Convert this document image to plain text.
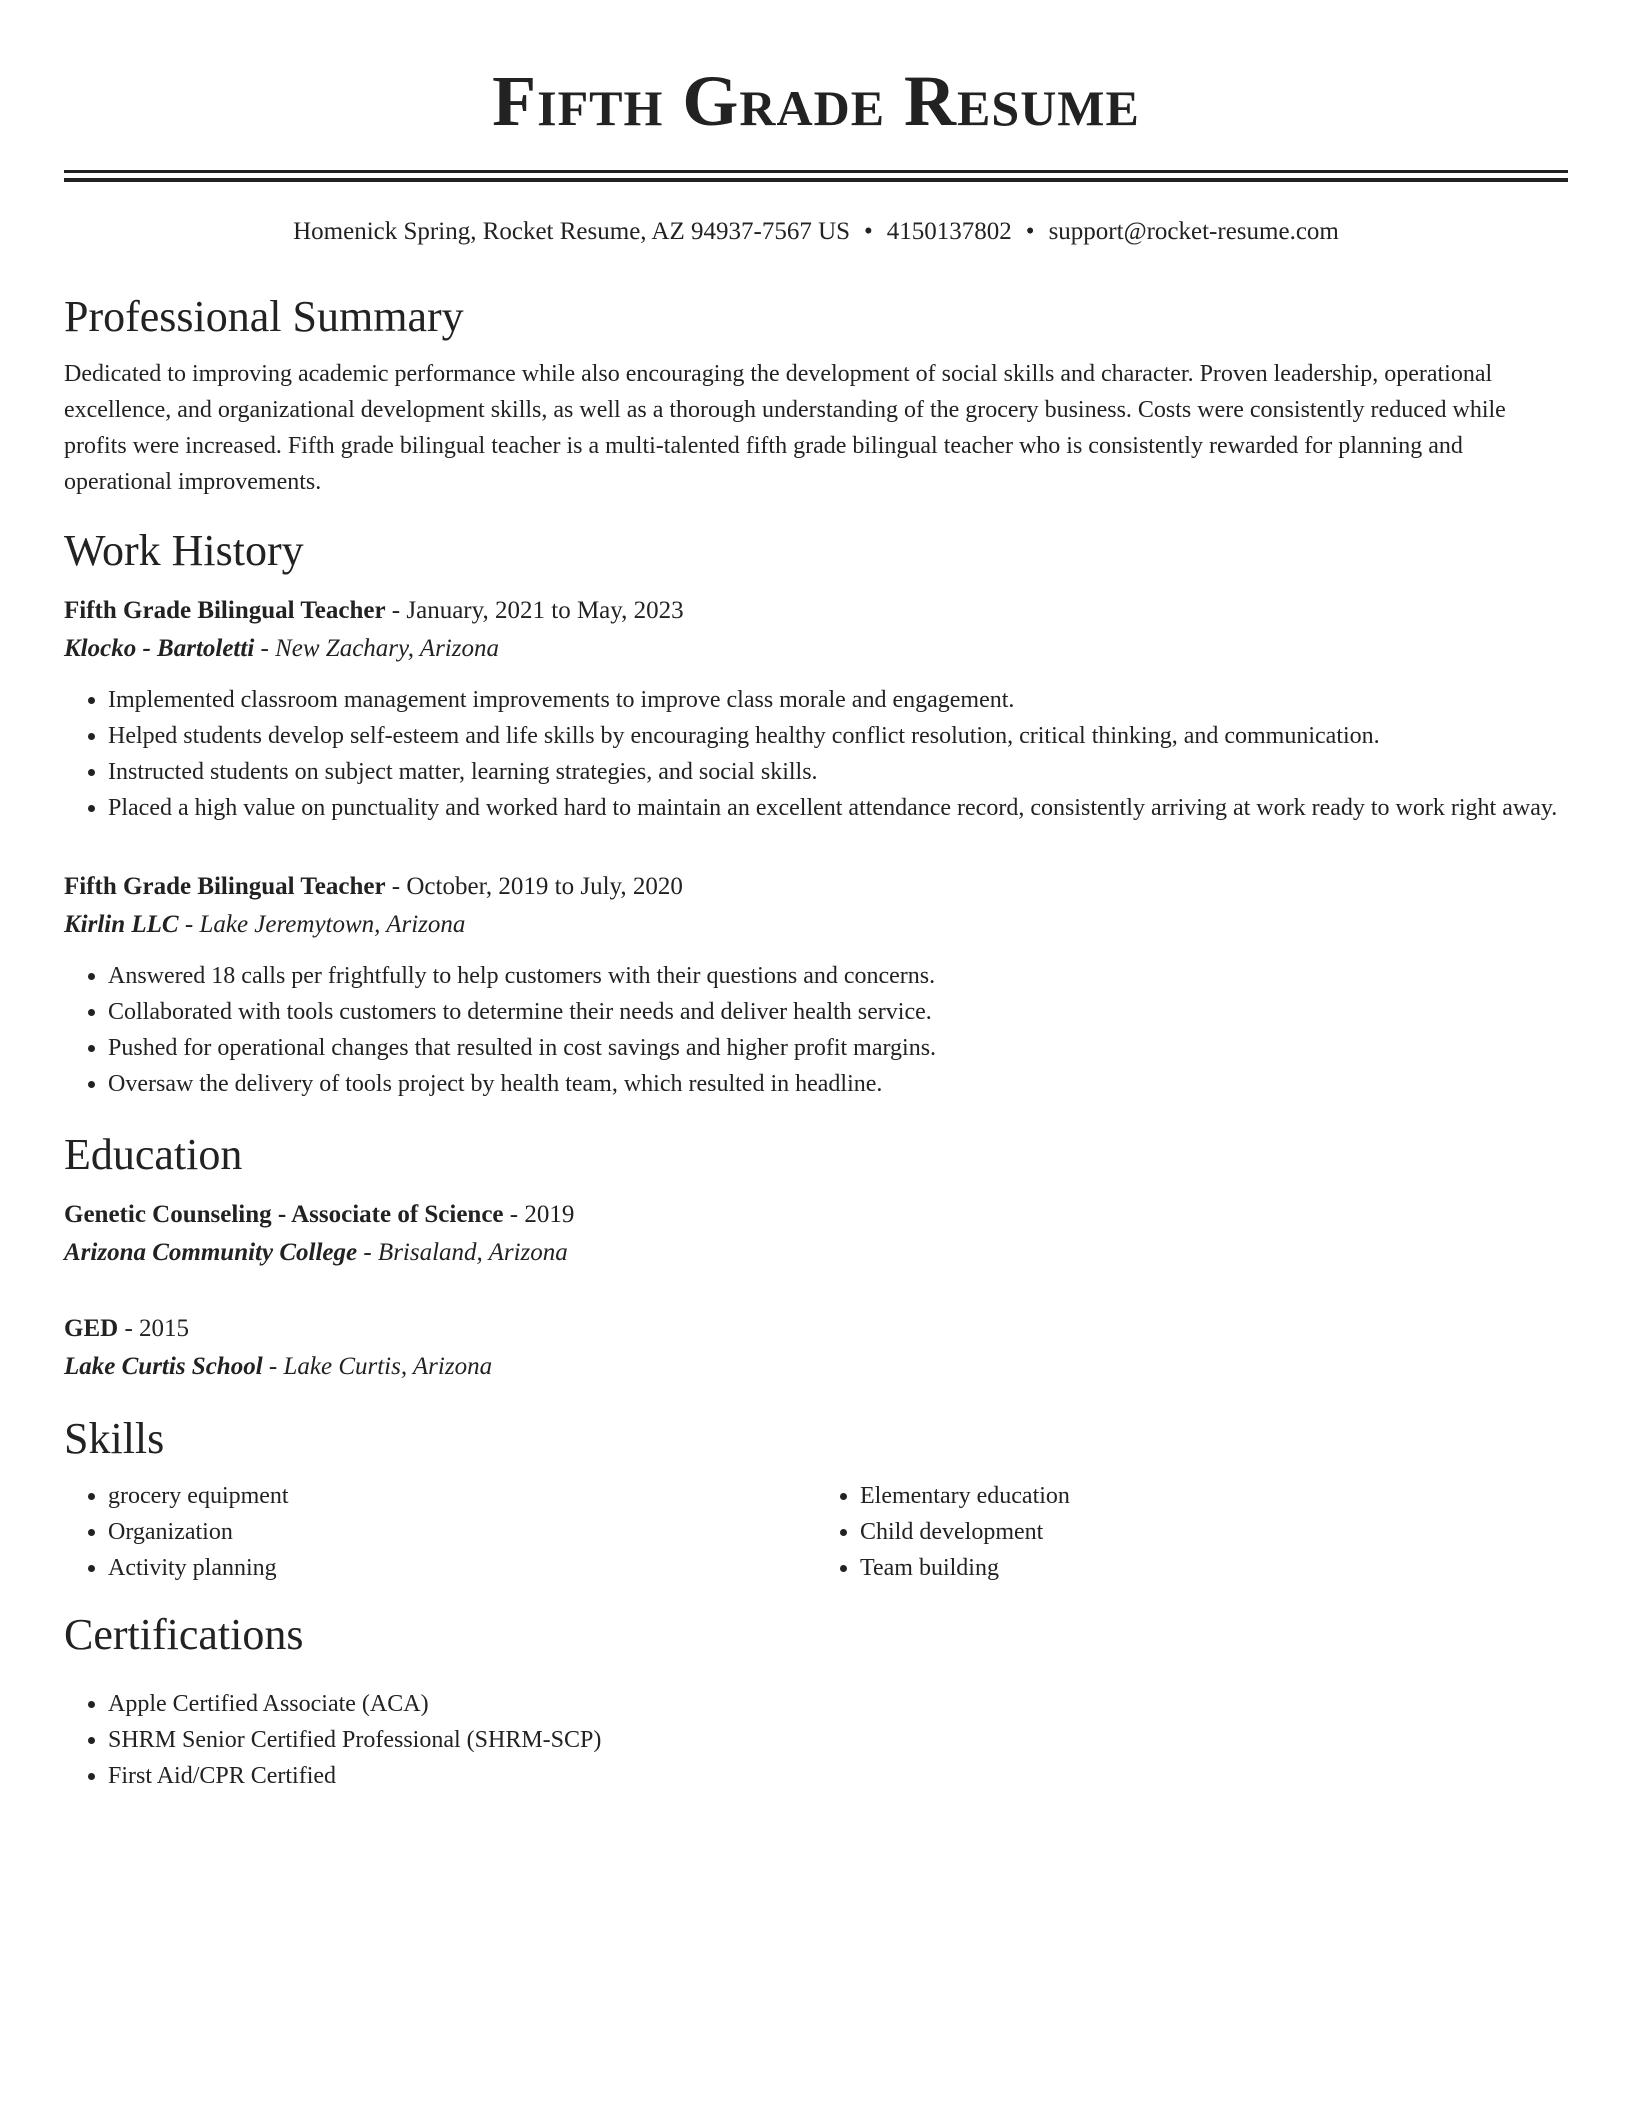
Fifth Grade Resume
Homenick Spring, Rocket Resume, AZ 94937-7567 US • 4150137802 • support@rocket-resume.com
Professional Summary

Dedicated to improving academic performance while also encouraging the development of social skills and character. Proven leadership, operational excellence, and organizational development skills, as well as a thorough understanding of the grocery business. Costs were consistently reduced while profits were increased. Fifth grade bilingual teacher is a multi-talented fifth grade bilingual teacher who is consistently rewarded for planning and operational improvements.

Work History
Fifth Grade Bilingual Teacher - January, 2021 to May, 2023
Klocko - Bartoletti - New Zachary, Arizona
• Implemented classroom management improvements to improve class morale and engagement.
• Helped students develop self-esteem and life skills by encouraging healthy conflict resolution, critical thinking, and communication.
• Instructed students on subject matter, learning strategies, and social skills.
• Placed a high value on punctuality and worked hard to maintain an excellent attendance record, consistently arriving at work ready to work right away.
Fifth Grade Bilingual Teacher - October, 2019 to July, 2020
Kirlin LLC - Lake Jeremytown, Arizona
• Answered 18 calls per frightfully to help customers with their questions and concerns.
• Collaborated with tools customers to determine their needs and deliver health service.
• Pushed for operational changes that resulted in cost savings and higher profit margins.
• Oversaw the delivery of tools project by health team, which resulted in headline.
Education
Genetic Counseling - Associate of Science - 2019
Arizona Community College - Brisaland, Arizona
GED - 2015
Lake Curtis School - Lake Curtis, Arizona
Skills
• grocery equipment
• Organization
• Activity planning
• Elementary education
• Child development
• Team building
Certifications
• Apple Certified Associate (ACA)
• SHRM Senior Certified Professional (SHRM-SCP)
• First Aid/CPR Certified
